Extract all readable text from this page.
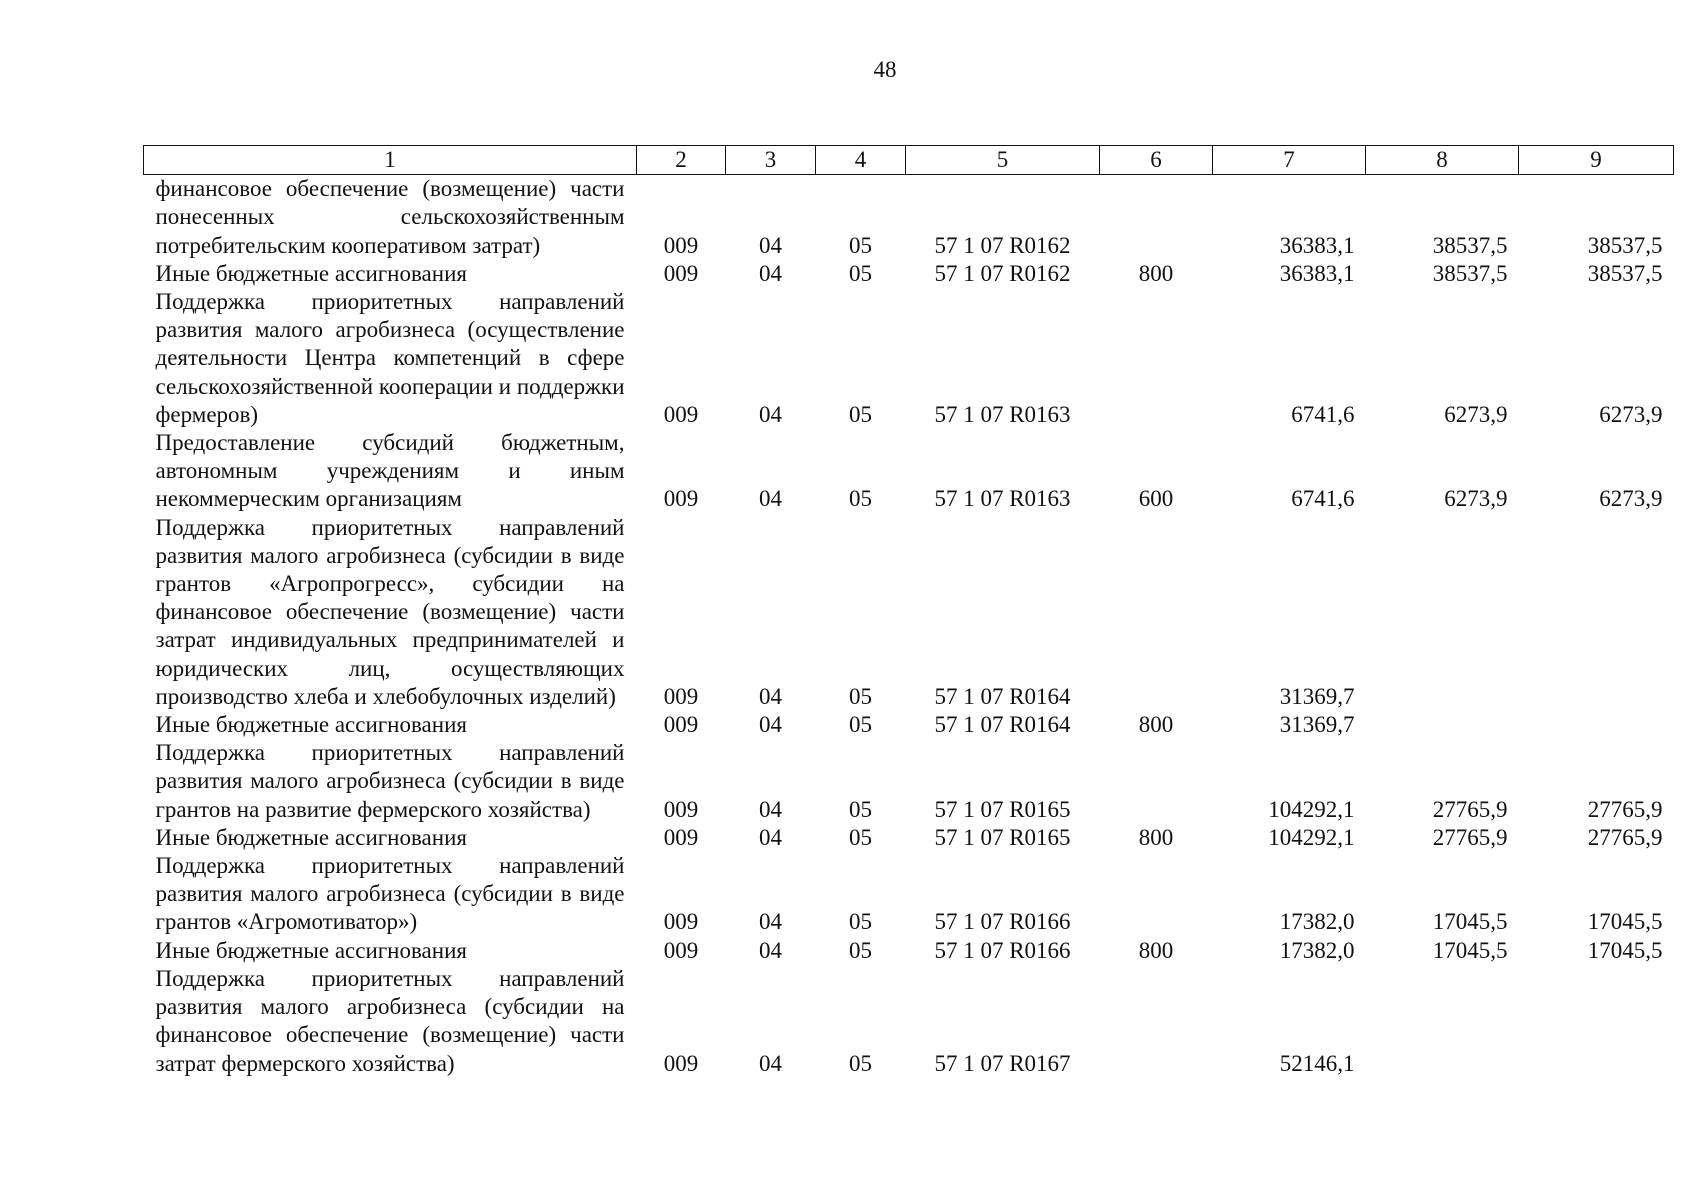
48
1	2	3	4	5	6	7	8	9
финансовое обеспечение (возмещение) части понесенных сельскохозяйственным потребительским кооперативом затрат)	009	04	05	57 1 07 R0162		36383,1	38537,5	38537,5
Иные бюджетные ассигнования	009	04	05	57 1 07 R0162	800	36383,1	38537,5	38537,5
Поддержка приоритетных направлений развития малого агробизнеса (осуществление деятельности Центра компетенций в сфере сельскохозяйственной кооперации и поддержки фермеров)	009	04	05	57 1 07 R0163		6741,6	6273,9	6273,9
Предоставление субсидий бюджетным, автономным учреждениям и иным некоммерческим организациям	009	04	05	57 1 07 R0163	600	6741,6	6273,9	6273,9
Поддержка приоритетных направлений развития малого агробизнеса (субсидии в виде грантов «Агропрогресс», субсидии на финансовое обеспечение (возмещение) части затрат индивидуальных предпринимателей и юридических лиц, осуществляющих производство хлеба и хлебобулочных изделий)	009	04	05	57 1 07 R0164		31369,7		
Иные бюджетные ассигнования	009	04	05	57 1 07 R0164	800	31369,7		
Поддержка приоритетных направлений развития малого агробизнеса (субсидии в виде грантов на развитие фермерского хозяйства)	009	04	05	57 1 07 R0165		104292,1	27765,9	27765,9
Иные бюджетные ассигнования	009	04	05	57 1 07 R0165	800	104292,1	27765,9	27765,9
Поддержка приоритетных направлений развития малого агробизнеса (субсидии в виде грантов «Агромотиватор»)	009	04	05	57 1 07 R0166		17382,0	17045,5	17045,5
Иные бюджетные ассигнования	009	04	05	57 1 07 R0166	800	17382,0	17045,5	17045,5
Поддержка приоритетных направлений развития малого агробизнеса (субсидии на финансовое обеспечение (возмещение) части затрат фермерского хозяйства)	009	04	05	57 1 07 R0167		52146,1		
